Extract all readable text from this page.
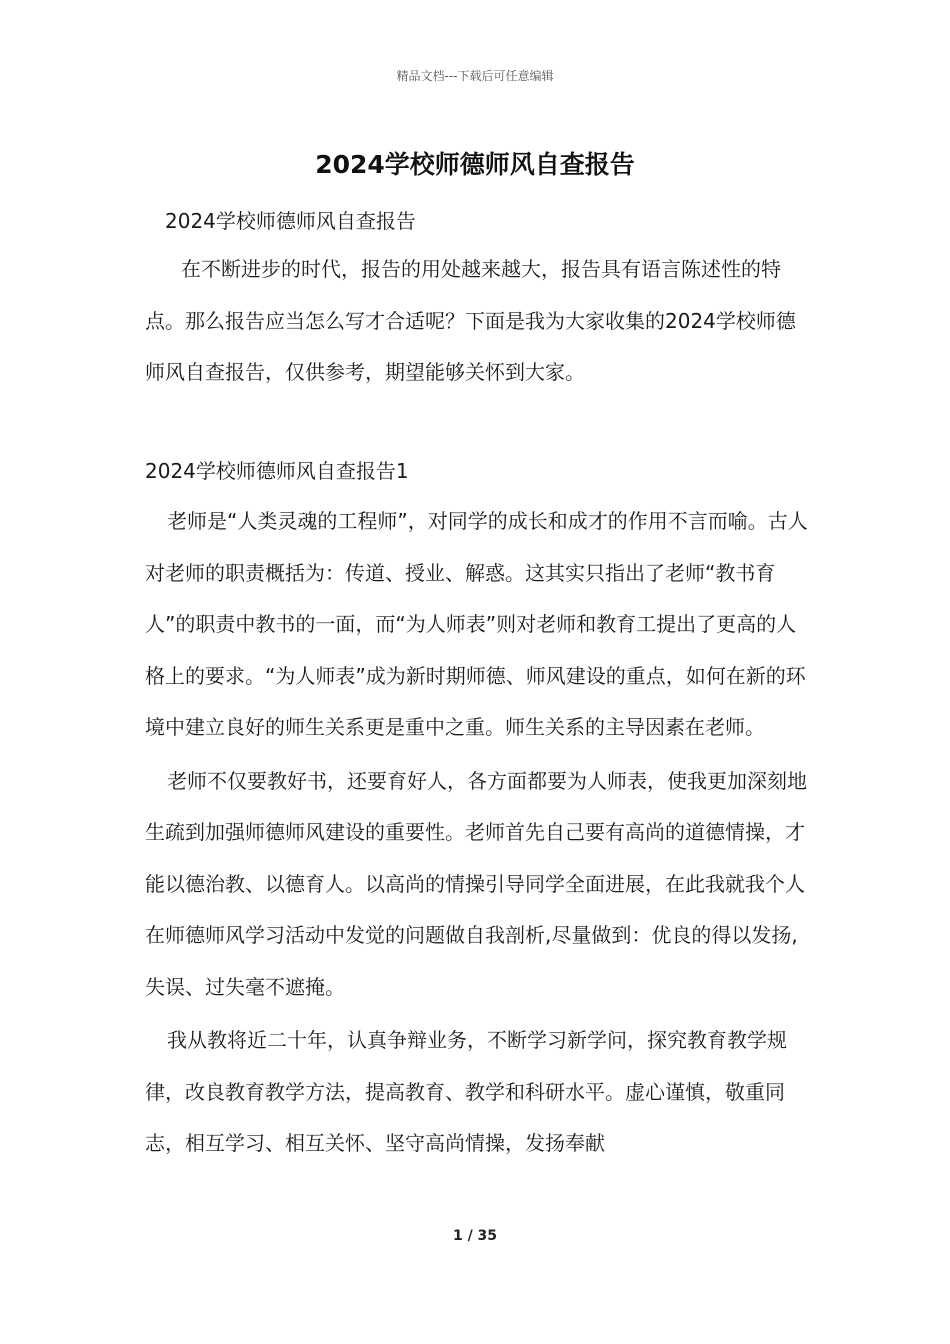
精品文档---下载后可任意编辑
2024学校师德师风自查报告
2024学校师德师风自查报告
在不断进步的时代，报告的用处越来越大，报告具有语言陈述性的特点。那么报告应当怎么写才合适呢？下面是我为大家收集的2024学校师德师风自查报告，仅供参考，期望能够关怀到大家。
2024学校师德师风自查报告1

老师是“人类灵魂的工程师”，对同学的成长和成才的作用不言而喻。古人对老师的职责概括为：传道、授业、解惑。这其实只指出了老师“教书育人”的职责中教书的一面，而“为人师表”则对老师和教育工提出了更高的人格上的要求。“为人师表”成为新时期师德、师风建设的重点，如何在新的环境中建立良好的师生关系更是重中之重。师生关系的主导因素在老师。

老师不仅要教好书，还要育好人，各方面都要为人师表，使我更加深刻地生疏到加强师德师风建设的重要性。老师首先自己要有高尚的道德情操，才能以德治教、以德育人。以高尚的情操引导同学全面进展，在此我就我个人在师德师风学习活动中发觉的问题做自我剖析,尽量做到：优良的得以发扬,失误、过失毫不遮掩。

我从教将近二十年，认真争辩业务，不断学习新学问，探究教育教学规律，改良教育教学方法，提高教育、教学和科研水平。虚心谨慎，敬重同志，相互学习、相互关怀、坚守高尚情操，发扬奉献

1 / 35
